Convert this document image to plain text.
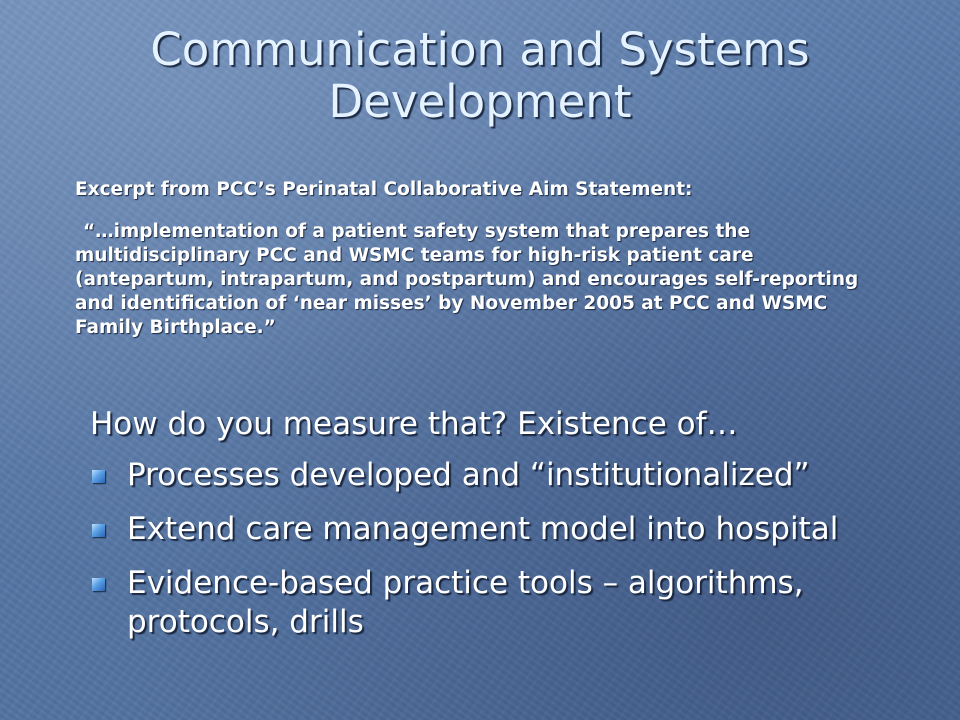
Communication and Systems Development
Excerpt from PCC’s Perinatal Collaborative Aim Statement:
“…implementation of a patient safety system that prepares the multidisciplinary PCC and WSMC teams for high-risk patient care (antepartum, intrapartum, and postpartum) and encourages self-reporting and identification of ‘near misses’ by November 2005 at PCC and WSMC Family Birthplace.”
How do you measure that? Existence of…
Processes developed and “institutionalized”
Extend care management model into hospital
Evidence-based practice tools – algorithms, protocols, drills
